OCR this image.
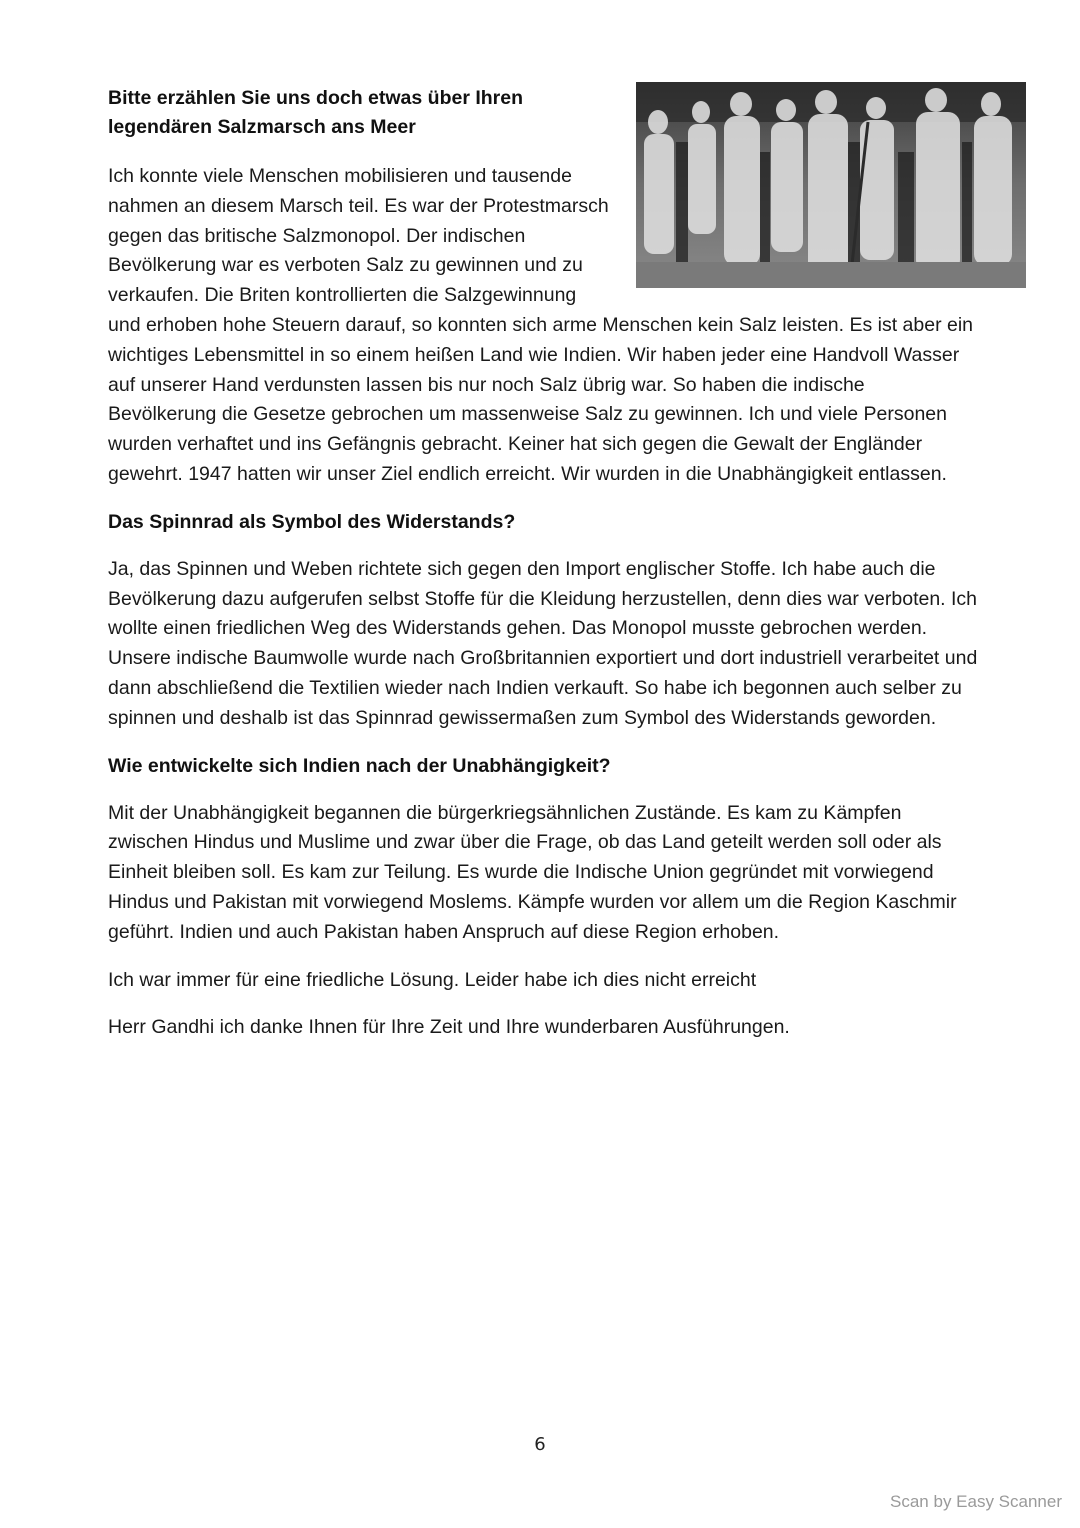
Bitte erzählen Sie uns doch etwas über Ihren legendären Salzmarsch ans Meer

Ich konnte viele Menschen mobilisieren und tausende nahmen an diesem Marsch teil. Es war der Protestmarsch gegen das britische Salzmonopol. Der indischen Bevölkerung war es verboten Salz zu gewinnen und zu verkaufen. Die Briten kontrollierten die Salzgewinnung und erhoben hohe Steuern darauf, so konnten sich arme Menschen kein Salz leisten. Es ist aber ein wichtiges Lebensmittel in so einem heißen Land wie Indien. Wir haben jeder eine Handvoll Wasser auf unserer Hand verdunsten lassen bis nur noch Salz übrig war. So haben die indische Bevölkerung die Gesetze gebrochen um massenweise Salz zu gewinnen. Ich und viele Personen wurden verhaftet und ins Gefängnis gebracht. Keiner hat sich gegen die Gewalt der Engländer gewehrt. 1947 hatten wir unser Ziel endlich erreicht. Wir wurden in die Unabhängigkeit entlassen.

Das Spinnrad als Symbol des Widerstands?

Ja, das Spinnen und Weben richtete sich gegen den Import englischer Stoffe. Ich habe auch die Bevölkerung dazu aufgerufen selbst Stoffe für die Kleidung herzustellen, denn dies war verboten. Ich wollte einen friedlichen Weg des Widerstands gehen. Das Monopol musste gebrochen werden. Unsere indische Baumwolle wurde nach Großbritannien exportiert und dort industriell verarbeitet und dann abschließend die Textilien wieder nach Indien verkauft. So habe ich begonnen auch selber zu spinnen und deshalb ist das Spinnrad gewissermaßen zum Symbol des Widerstands geworden.

Wie entwickelte sich Indien nach der Unabhängigkeit?

Mit der Unabhängigkeit begannen die bürgerkriegsähnlichen Zustände. Es kam zu Kämpfen zwischen Hindus und Muslime und zwar über die Frage, ob das Land geteilt werden soll oder als Einheit bleiben soll. Es kam zur Teilung. Es wurde die Indische Union gegründet mit vorwiegend Hindus und Pakistan mit vorwiegend Moslems. Kämpfe wurden vor allem um die Region Kaschmir geführt. Indien und auch Pakistan haben Anspruch auf diese Region erhoben.

Ich war immer für eine friedliche Lösung. Leider habe ich dies nicht erreicht

Herr Gandhi ich danke Ihnen für Ihre Zeit und Ihre wunderbaren Ausführungen.

6
Scan by Easy Scanner
